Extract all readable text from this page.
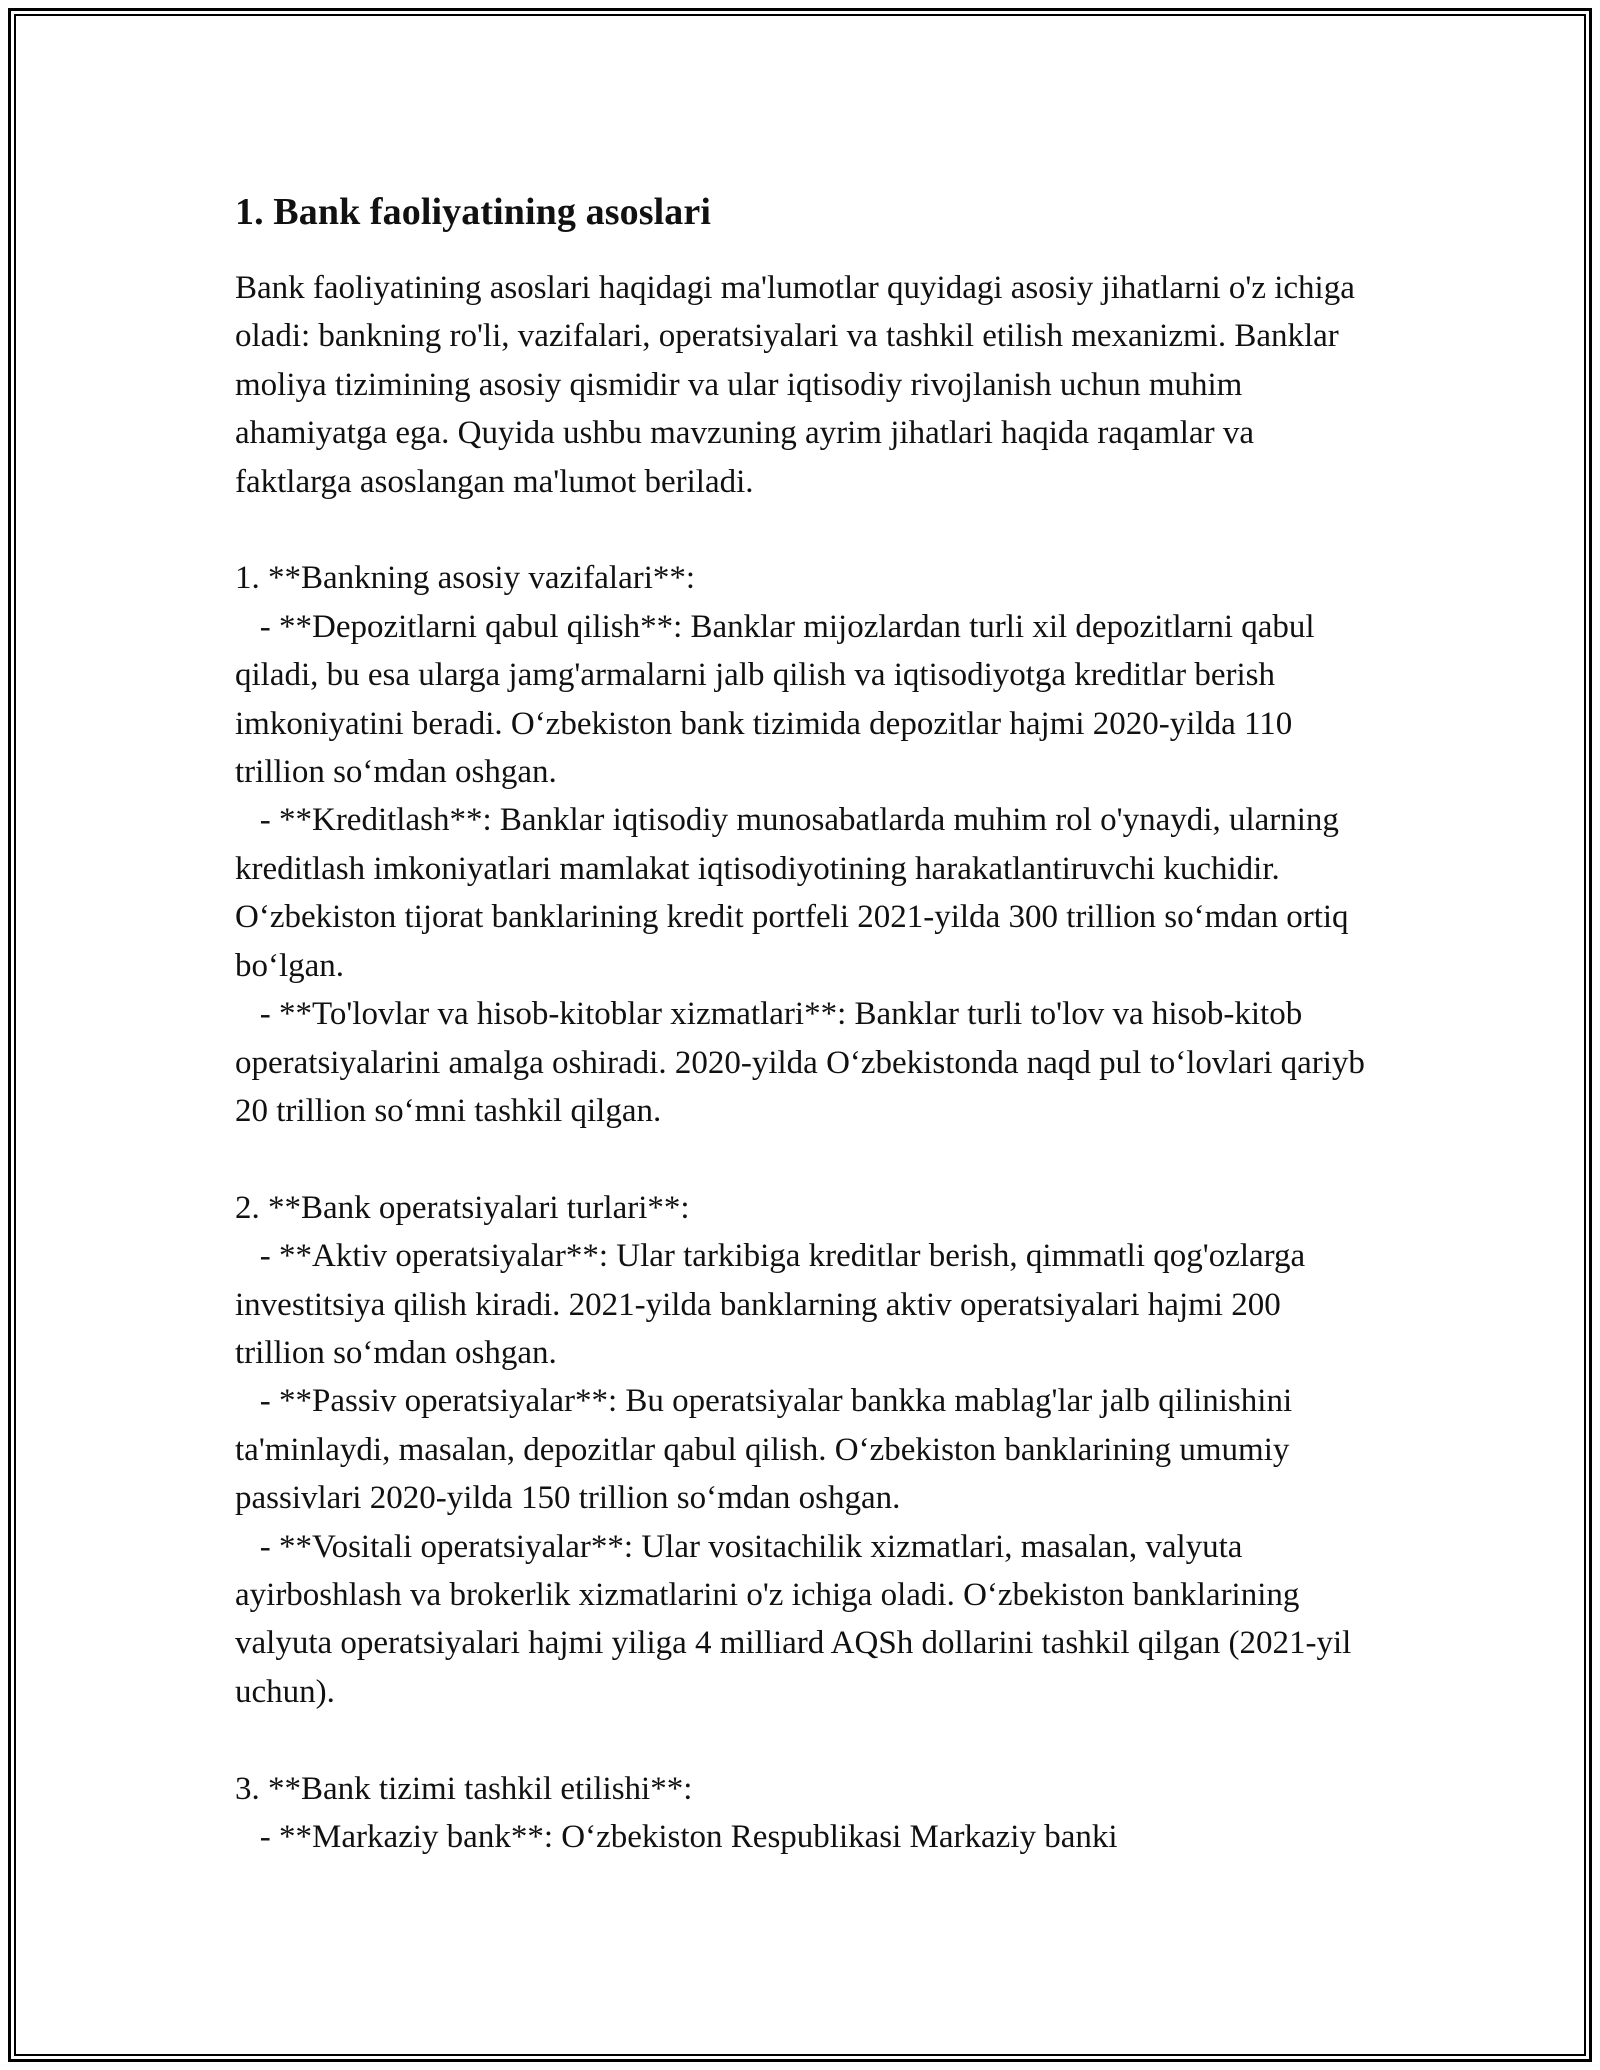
1. Bank faoliyatining asoslari

Bank faoliyatining asoslari haqidagi ma'lumotlar quyidagi asosiy jihatlarni o'z ichiga oladi: bankning ro'li, vazifalari, operatsiyalari va tashkil etilish mexanizmi. Banklar moliya tizimining asosiy qismidir va ular iqtisodiy rivojlanish uchun muhim ahamiyatga ega. Quyida ushbu mavzuning ayrim jihatlari haqida raqamlar va faktlarga asoslangan ma'lumot beriladi.

1. **Bankning asosiy vazifalari**:
- **Depozitlarni qabul qilish**: Banklar mijozlardan turli xil depozitlarni qabul qiladi, bu esa ularga jamg'armalarni jalb qilish va iqtisodiyotga kreditlar berish imkoniyatini beradi. O‘zbekiston bank tizimida depozitlar hajmi 2020-yilda 110 trillion so‘mdan oshgan.
- **Kreditlash**: Banklar iqtisodiy munosabatlarda muhim rol o'ynaydi, ularning kreditlash imkoniyatlari mamlakat iqtisodiyotining harakatlantiruvchi kuchidir. O‘zbekiston tijorat banklarining kredit portfeli 2021-yilda 300 trillion so‘mdan ortiq bo‘lgan.
- **To'lovlar va hisob-kitoblar xizmatlari**: Banklar turli to'lov va hisob-kitob operatsiyalarini amalga oshiradi. 2020-yilda O‘zbekistonda naqd pul to‘lovlari qariyb 20 trillion so‘mni tashkil qilgan.

2. **Bank operatsiyalari turlari**:
- **Aktiv operatsiyalar**: Ular tarkibiga kreditlar berish, qimmatli qog'ozlarga investitsiya qilish kiradi. 2021-yilda banklarning aktiv operatsiyalari hajmi 200 trillion so‘mdan oshgan.
- **Passiv operatsiyalar**: Bu operatsiyalar bankka mablag'lar jalb qilinishini ta'minlaydi, masalan, depozitlar qabul qilish. O‘zbekiston banklarining umumiy passivlari 2020-yilda 150 trillion so‘mdan oshgan.
- **Vositali operatsiyalar**: Ular vositachilik xizmatlari, masalan, valyuta ayirboshlash va brokerlik xizmatlarini o'z ichiga oladi. O‘zbekiston banklarining valyuta operatsiyalari hajmi yiliga 4 milliard AQSh dollarini tashkil qilgan (2021-yil uchun).

3. **Bank tizimi tashkil etilishi**:
- **Markaziy bank**: O‘zbekiston Respublikasi Markaziy banki
